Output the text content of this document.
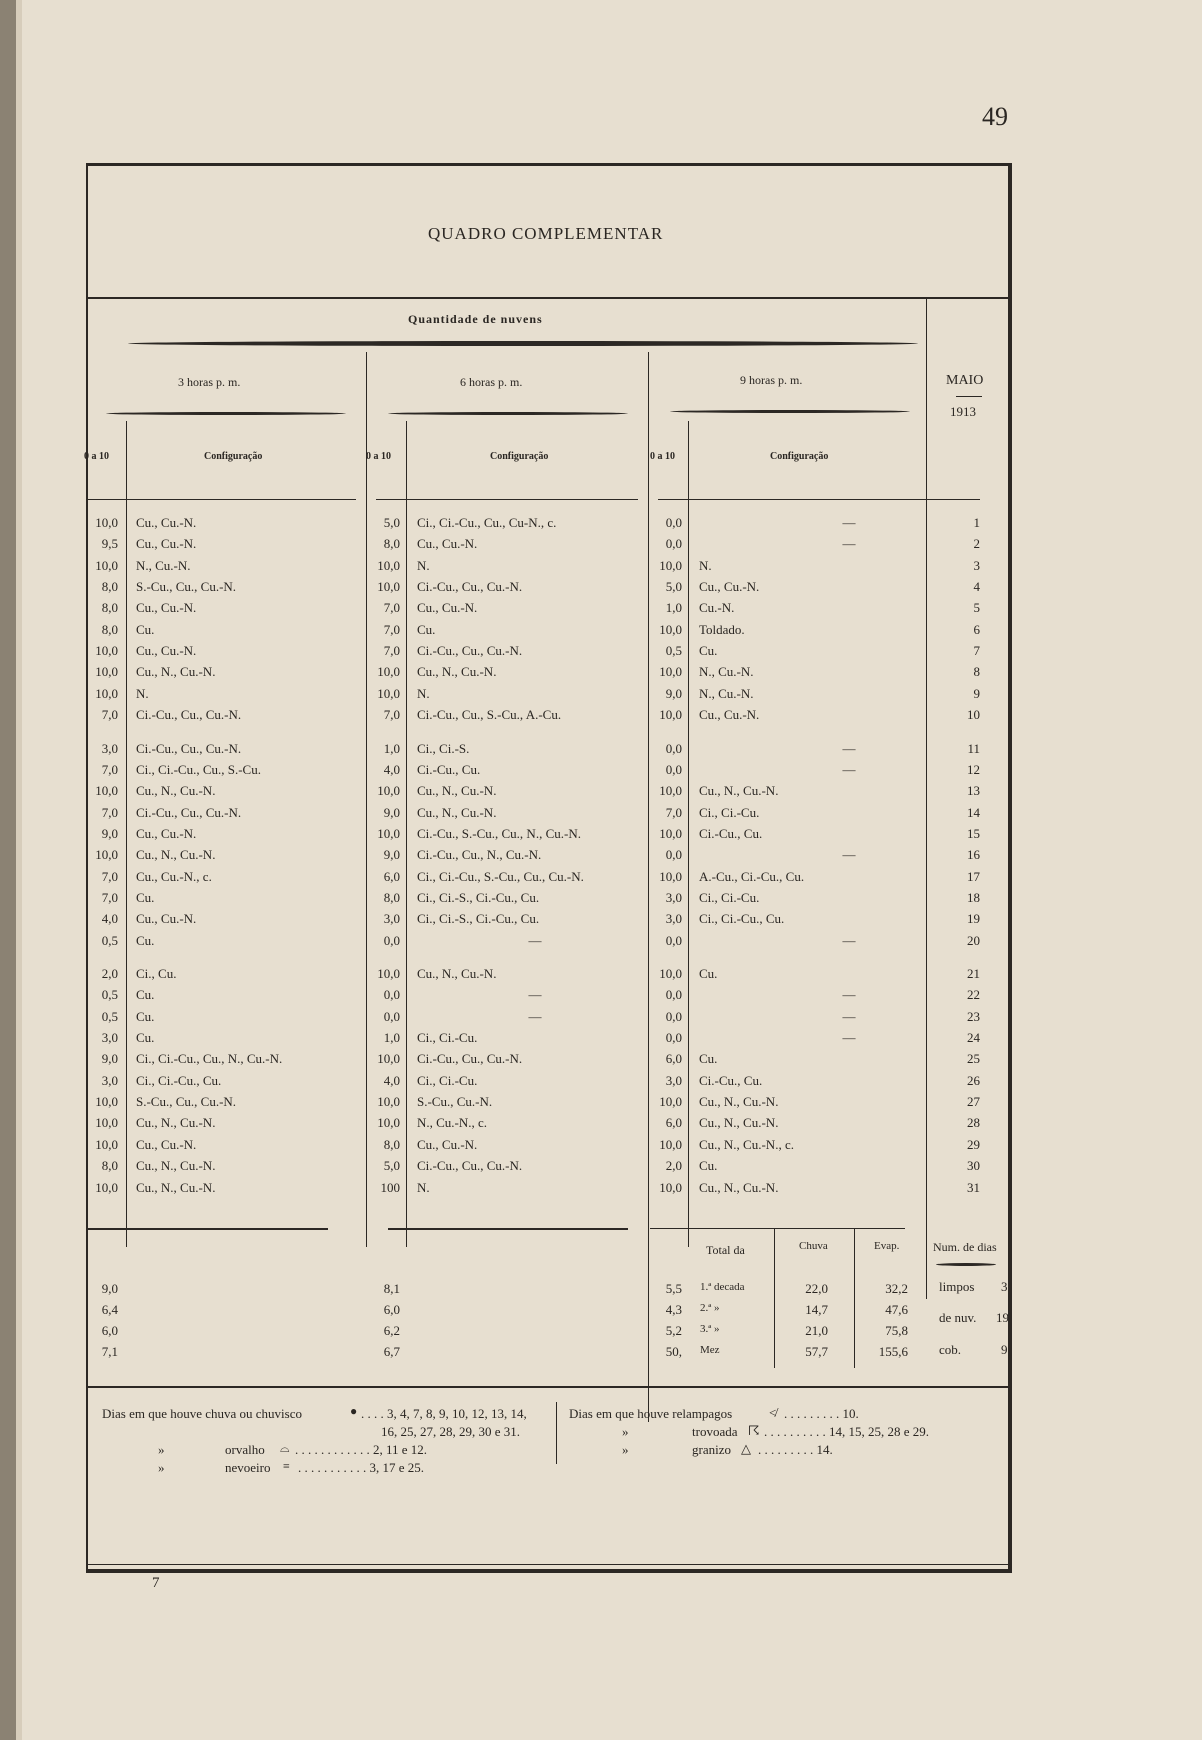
49
QUADRO COMPLEMENTAR
Quantidade de nuvens
MAIO
1913
3 horas p. m.	6 horas p. m.	9 horas p. m.
0 a 10	Configuração	0 a 10	Configuração	0 a 10	Configuração
10,0 Cu., Cu.-N.	5,0 Ci., Ci.-Cu., Cu., Cu-N., c.	0,0	—	1
9,5 Cu., Cu.-N.	8,0 Cu., Cu.-N.	0,0	—	2
10,0 N., Cu.-N.	10,0 N.	10,0 N.	3
8,0 S.-Cu., Cu., Cu.-N.	10,0 Ci.-Cu., Cu., Cu.-N.	5,0 Cu., Cu.-N.	4
8,0 Cu., Cu.-N.	7,0 Cu., Cu.-N.	1,0 Cu.-N.	5
8,0 Cu.	7,0 Cu.	10,0 Toldado.	6
10,0 Cu., Cu.-N.	7,0 Ci.-Cu., Cu., Cu.-N.	0,5 Cu.	7
10,0 Cu., N., Cu.-N.	10,0 Cu., N., Cu.-N.	10,0 N., Cu.-N.	8
10,0 N.	10,0 N.	9,0 N., Cu.-N.	9
7,0 Ci.-Cu., Cu., Cu.-N.	7,0 Ci.-Cu., Cu., S.-Cu., A.-Cu.	10,0 Cu., Cu.-N.	10
3,0 Ci.-Cu., Cu., Cu.-N.	1,0 Ci., Ci.-S.	0,0	—	11
7,0 Ci., Ci.-Cu., Cu., S.-Cu.	4,0 Ci.-Cu., Cu.	0,0	—	12
10,0 Cu., N., Cu.-N.	10,0 Cu., N., Cu.-N.	10,0 Cu., N., Cu.-N.	13
7,0 Ci.-Cu., Cu., Cu.-N.	9,0 Cu., N., Cu.-N.	7,0 Ci., Ci.-Cu.	14
9,0 Cu., Cu.-N.	10,0 Ci.-Cu., S.-Cu., Cu., N., Cu.-N.	10,0 Ci.-Cu., Cu.	15
10,0 Cu., N., Cu.-N.	9,0 Ci.-Cu., Cu., N., Cu.-N.	0,0	—	16
7,0 Cu., Cu.-N., c.	6,0 Ci., Ci.-Cu., S.-Cu., Cu., Cu.-N.	10,0 A.-Cu., Ci.-Cu., Cu.	17
7,0 Cu.	8,0 Ci., Ci.-S., Ci.-Cu., Cu.	3,0 Ci., Ci.-Cu.	18
4,0 Cu., Cu.-N.	3,0 Ci., Ci.-S., Ci.-Cu., Cu.	3,0 Ci., Ci.-Cu., Cu.	19
0,5 Cu.	0,0	—	0,0	—	20
2,0 Ci., Cu.	10,0 Cu., N., Cu.-N.	10,0 Cu.	21
0,5 Cu.	0,0	—	0,0	—	22
0,5 Cu.	0,0	—	0,0	—	23
3,0 Cu.	1,0 Ci., Ci.-Cu.	0,0	—	24
9,0 Ci., Ci.-Cu., Cu., N., Cu.-N.	10,0 Ci.-Cu., Cu., Cu.-N.	6,0 Cu.	25
3,0 Ci., Ci.-Cu., Cu.	4,0 Ci., Ci.-Cu.	3,0 Ci.-Cu., Cu.	26
10,0 S.-Cu., Cu., Cu.-N.	10,0 S.-Cu., Cu.-N.	10,0 Cu., N., Cu.-N.	27
10,0 Cu., N., Cu.-N.	10,0 N., Cu.-N., c.	6,0 Cu., N., Cu.-N.	28
10,0 Cu., Cu.-N.	8,0 Cu., Cu.-N.	10,0 Cu., N., Cu.-N., c.	29
8,0 Cu., N., Cu.-N.	5,0 Ci.-Cu., Cu., Cu.-N.	2,0 Cu.	30
10,0 Cu., N., Cu.-N.	100 N.	10,0 Cu., N., Cu.-N.	31
Total da	Chuva	Evap.	Num. de dias
9,0	8,1	5,5 1.ª decada	22,0	32,2
6,4	6,0	4,3 2.ª »	14,7	47,6
6,0	6,2	5,2 3.ª »	21,0	75,8
7,1	6,7	50, Mez	57,7	155,6
limpos 3
de nuv. 19
cob.	9
Dias em que houve chuva ou chuvisco	● . . . . 3, 4, 7, 8, 9, 10, 12, 13, 14,
16, 25, 27, 28, 29, 30 e 31.
»	orvalho ⌓ . . . . . . . . . . . . 2, 11 e 12.
»	nevoeiro ≡ . . . . . . . . . . . 3, 17 e 25.
Dias em que houve relampagos	≮ . . . . . . . . . 10.
»	trovoada ☈ . . . . . . . . . . 14, 15, 25, 28 e 29.
»	granizo △ . . . . . . . . . 14.
7
